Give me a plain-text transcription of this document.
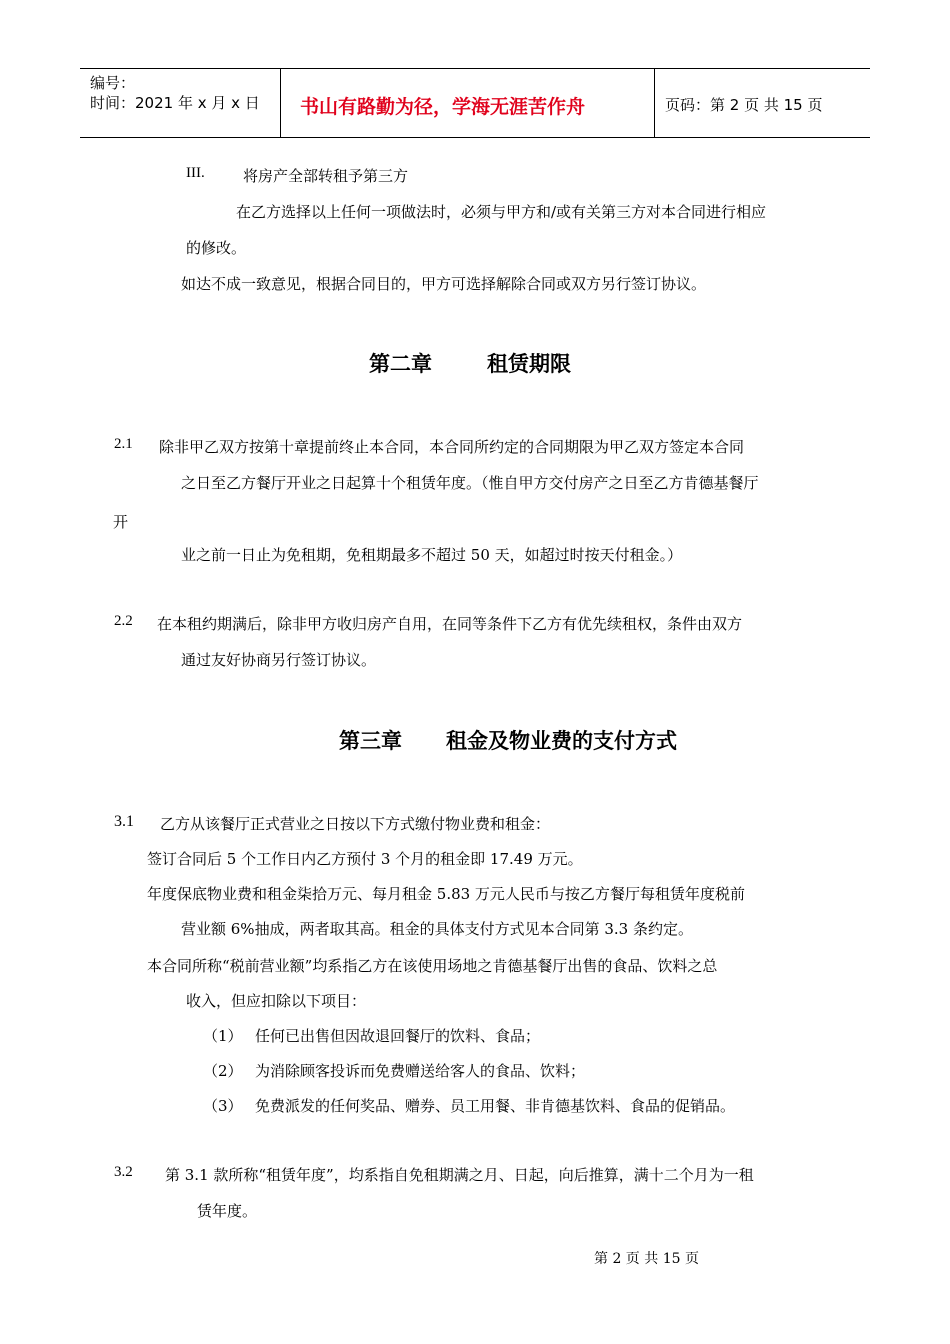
编号：
时间：2021 年 x 月 x 日 书山有路勤为径，学海无涯苦作舟	页码：第 2 页 共 15 页
III.	将房产全部转租予第三方
在乙方选择以上任何一项做法时，必须与甲方和/或有关第三方对本合同进行相应
的修改。
如达不成一致意见，根据合同目的，甲方可选择解除合同或双方另行签订协议。
第二章	租赁期限
2.1 除非甲乙双方按第十章提前终止本合同，本合同所约定的合同期限为甲乙双方签定本合同
之日至乙方餐厅开业之日起算十个租赁年度。（惟自甲方交付房产之日至乙方肯德基餐厅
开
业之前一日止为免租期，免租期最多不超过 50 天，如超过时按天付租金。）
2.2 在本租约期满后，除非甲方收归房产自用，在同等条件下乙方有优先续租权，条件由双方
通过友好协商另行签订协议。
第三章 租金及物业费的支付方式
3.1 乙方从该餐厅正式营业之日按以下方式缴付物业费和租金：
签订合同后 5 个工作日内乙方预付 3 个月的租金即 17.49 万元。
年度保底物业费和租金柒拾万元、每月租金 5.83 万元人民币与按乙方餐厅每租赁年度税前
营业额 6%抽成，两者取其高。租金的具体支付方式见本合同第 3.3 条约定。
本合同所称“税前营业额”均系指乙方在该使用场地之肯德基餐厅出售的食品、饮料之总
收入，但应扣除以下项目：
（1） 任何已出售但因故退回餐厅的饮料、食品；
（2） 为消除顾客投诉而免费赠送给客人的食品、饮料；
（3） 免费派发的任何奖品、赠券、员工用餐、非肯德基饮料、食品的促销品。
3.2 第 3.1 款所称“租赁年度”，均系指自免租期满之月、日起，向后推算，满十二个月为一租
赁年度。
第 2 页 共 15 页
